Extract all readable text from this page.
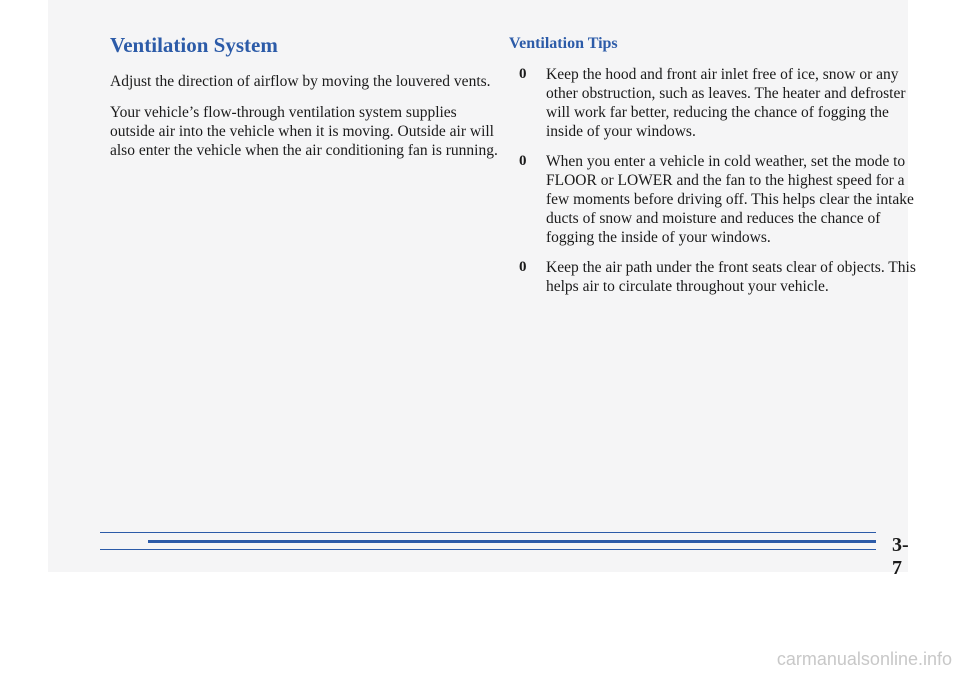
Ventilation System

Adjust the direction of airflow by moving the louvered vents.

Your vehicle’s flow-through ventilation system supplies outside air into the vehicle when it is moving. Outside air will also enter the vehicle when the air conditioning fan is running.

Ventilation Tips
0 Keep the hood and front air inlet free of ice, snow or any other obstruction, such as leaves. The heater and defroster will work far better, reducing the chance of fogging the inside of your windows.
0 When you enter a vehicle in cold weather, set the mode to FLOOR or LOWER and the fan to the highest speed for a few moments before driving off. This helps clear the intake ducts of snow and moisture and reduces the chance of fogging the inside of your windows.
0 Keep the air path under the front seats clear of objects. This helps air to circulate throughout your vehicle.
3-7
carmanualsonline.info
